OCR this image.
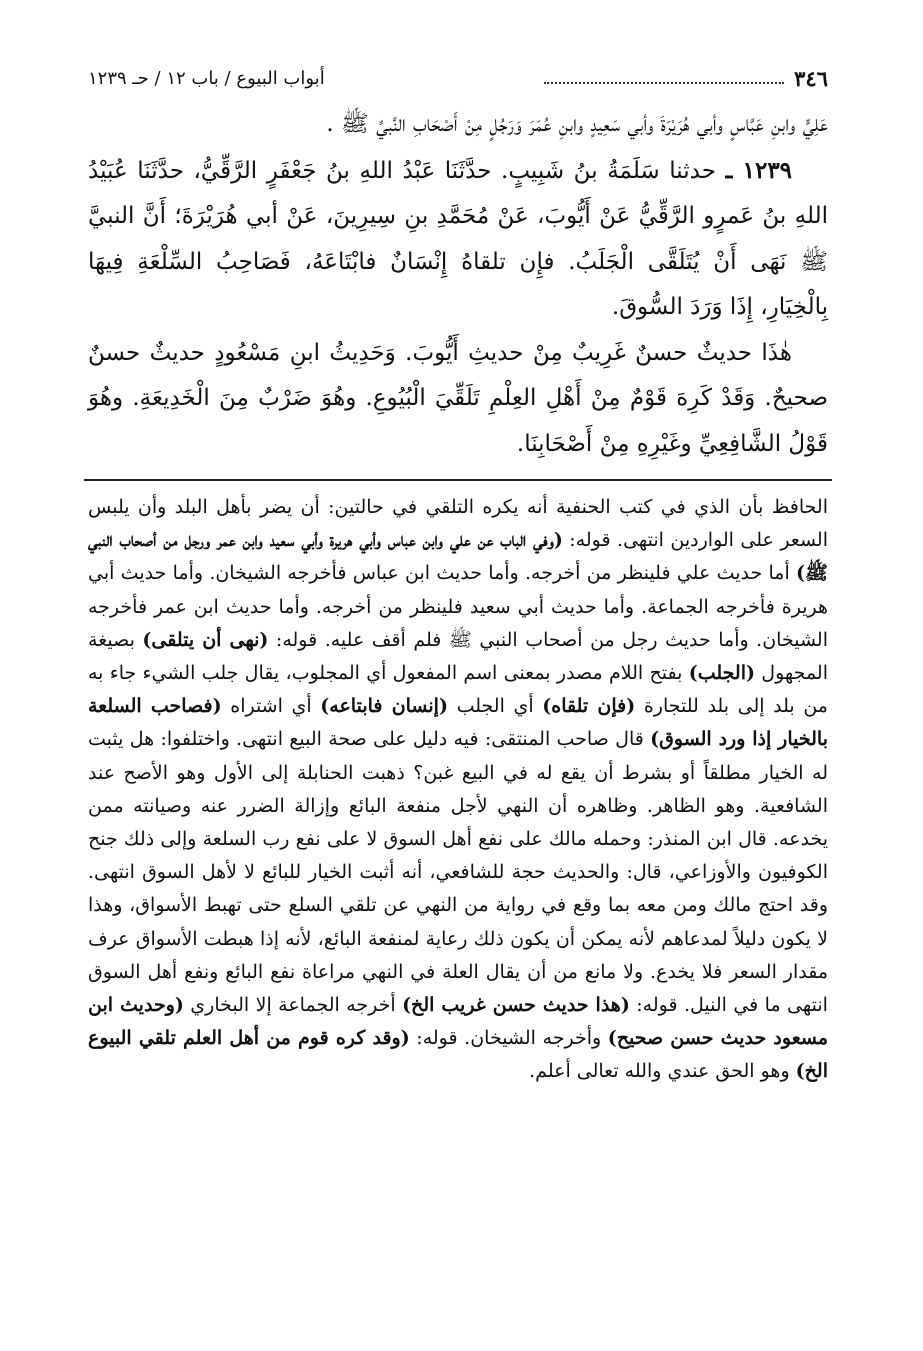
٣٤٦
أبواب البيوع / باب ١٢ / حـ ١٢٣٩

عَلِيٍّ وابنِ عَبَّاسٍ وأبي هُرَيْرَةَ وأبي سَعِيدٍ وابنِ عُمَرَ وَرَجُلٍ مِنْ أَصْحَابِ النَّبيِّ ﷺ .

١٢٣٩ ـ حدثنا سَلَمَةُ بنُ شَبِيبٍ. حدَّثَنَا عَبْدُ اللهِ بنُ جَعْفَرٍ الرَّقِّيُّ، حدَّثَنَا عُبَيْدُ اللهِ بنُ عَمرٍو الرَّقِّيُّ عَنْ أَيُّوبَ، عَنْ مُحَمَّدِ بنِ سِيرِينَ، عَنْ أبي هُرَيْرَةَ؛ أَنَّ النبيَّ ﷺ نَهَى أَنْ يُتَلَقَّى الْجَلَبُ. فإِن تلقاهُ إِنْسَانٌ فابْتَاعَهُ، فَصَاحِبُ السِّلْعَةِ فِيهَا بِالْخِيَارِ، إِذَا وَرَدَ السُّوقَ.

هٰذَا حديثٌ حسنٌ غَرِيبٌ مِنْ حديثِ أَيُّوبَ. وَحَدِيثُ ابنِ مَسْعُودٍ حديثٌ حسنٌ صحيحٌ. وَقَدْ كَرِهَ قَوْمٌ مِنْ أَهْلِ العِلْمِ تَلَقِّيَ الْبُيُوعِ. وهُوَ ضَرْبٌ مِنَ الْخَدِيعَةِ. وهُوَ قَوْلُ الشَّافِعِيِّ وغَيْرِهِ مِنْ أَصْحَابِنَا.

الحافظ بأن الذي في كتب الحنفية أنه يكره التلقي في حالتين: أن يضر بأهل البلد وأن يلبس السعر على الواردين انتهى. قوله: (وفي الباب عن علي وابن عباس وأبي هريرة وأبي سعيد وابن عمر ورجل من أصحاب النبي ﷺ) أما حديث علي فلينظر من أخرجه. وأما حديث ابن عباس فأخرجه الشيخان. وأما حديث أبي هريرة فأخرجه الجماعة. وأما حديث أبي سعيد فلينظر من أخرجه. وأما حديث ابن عمر فأخرجه الشيخان. وأما حديث رجل من أصحاب النبي ﷺ فلم أقف عليه. قوله: (نهى أن يتلقى) بصيغة المجهول (الجلب) بفتح اللام مصدر بمعنى اسم المفعول أي المجلوب، يقال جلب الشيء جاء به من بلد إلى بلد للتجارة (فإن تلقاه) أي الجلب (إنسان فابتاعه) أي اشتراه (فصاحب السلعة بالخيار إذا ورد السوق) قال صاحب المنتقى: فيه دليل على صحة البيع انتهى. واختلفوا: هل يثبت له الخيار مطلقاً أو بشرط أن يقع له في البيع غبن؟ ذهبت الحنابلة إلى الأول وهو الأصح عند الشافعية. وهو الظاهر. وظاهره أن النهي لأجل منفعة البائع وإزالة الضرر عنه وصيانته ممن يخدعه. قال ابن المنذر: وحمله مالك على نفع أهل السوق لا على نفع رب السلعة وإلى ذلك جنح الكوفيون والأوزاعي، قال: والحديث حجة للشافعي، أنه أثبت الخيار للبائع لا لأهل السوق انتهى. وقد احتج مالك ومن معه بما وقع في رواية من النهي عن تلقي السلع حتى تهبط الأسواق، وهذا لا يكون دليلاً لمدعاهم لأنه يمكن أن يكون ذلك رعاية لمنفعة البائع، لأنه إذا هبطت الأسواق عرف مقدار السعر فلا يخدع. ولا مانع من أن يقال العلة في النهي مراعاة نفع البائع ونفع أهل السوق انتهى ما في النيل. قوله: (هذا حديث حسن غريب الخ) أخرجه الجماعة إلا البخاري (وحديث ابن مسعود حديث حسن صحيح) وأخرجه الشيخان. قوله: (وقد كره قوم من أهل العلم تلقي البيوع الخ) وهو الحق عندي والله تعالى أعلم.
